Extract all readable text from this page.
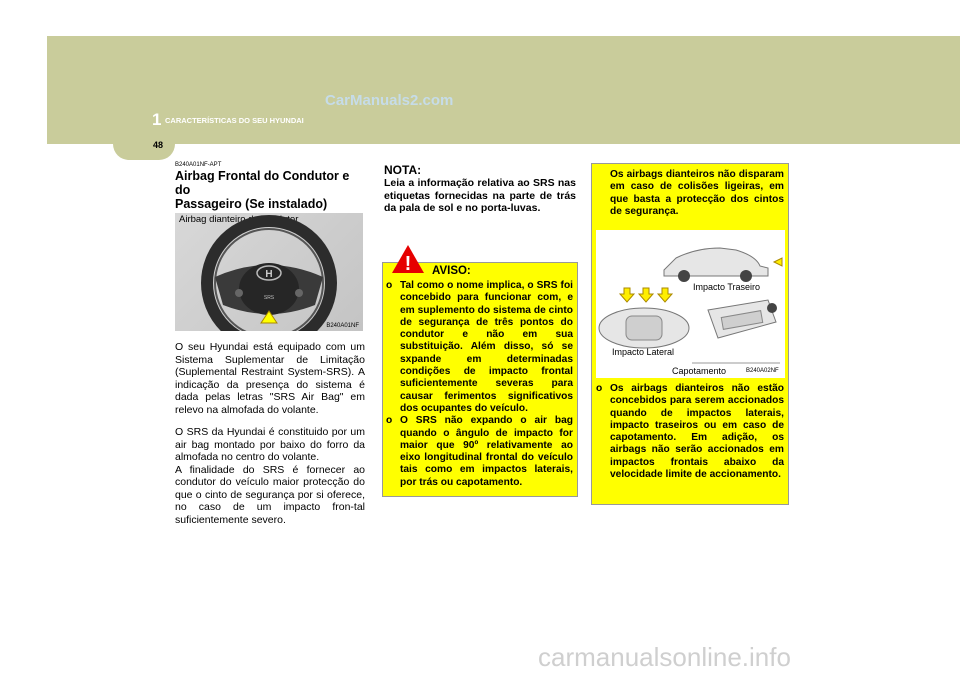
1 CARACTERÍSTICAS DO SEU HYUNDAI
48
CarManuals2.com
B240A01NF-APT
Airbag Frontal do Condutor e do
Passageiro (Se instalado)
Airbag dianteiro do condutor
H
SRS
B240A01NF

O seu Hyundai está equipado com um Sistema Suplementar de Limitação (Suplemental Restraint System-SRS). A indicação da presença do sistema é dada pelas letras "SRS Air Bag" em relevo na almofada do volante.

O SRS da Hyundai é constituido por um air bag montado por baixo do forro da almofada no centro do volante.

A finalidade do SRS é fornecer ao condutor do veículo maior protecção do que o cinto de segurança por si oferece, no caso de um impacto fron-tal suficientemente severo.

NOTA:
Leia a informação relativa ao SRS nas etiquetas fornecidas na parte de trás da pala de sol e no porta-luvas.
! AVISO:
o Tal como o nome implica, o SRS foi concebido para funcionar com, e em suplemento do sistema de cinto de segurança de três pontos do condutor e não em sua substituição. Além disso, só se sxpande em determinadas condições de impacto frontal suficientemente severas para causar ferimentos significativos dos ocupantes do veículo.
o O SRS não expando o air bag quando o ângulo de impacto for maior que 90º relativamente ao eixo longitudinal frontal do veículo tais como em impactos laterais, por trás ou capotamento.
Os airbags dianteiros não disparam em caso de colisões ligeiras, em que basta a protecção dos cintos de segurança.
Impacto Traseiro
Impacto Lateral
Capotamento	B240A02NF
o Os airbags dianteiros não estão concebidos para serem accionados quando de impactos laterais, impacto traseiros ou em caso de capotamento. Em adição, os airbags não serão accionados em impactos frontais abaixo da velocidade limite de accionamento.
carmanualsonline.info
